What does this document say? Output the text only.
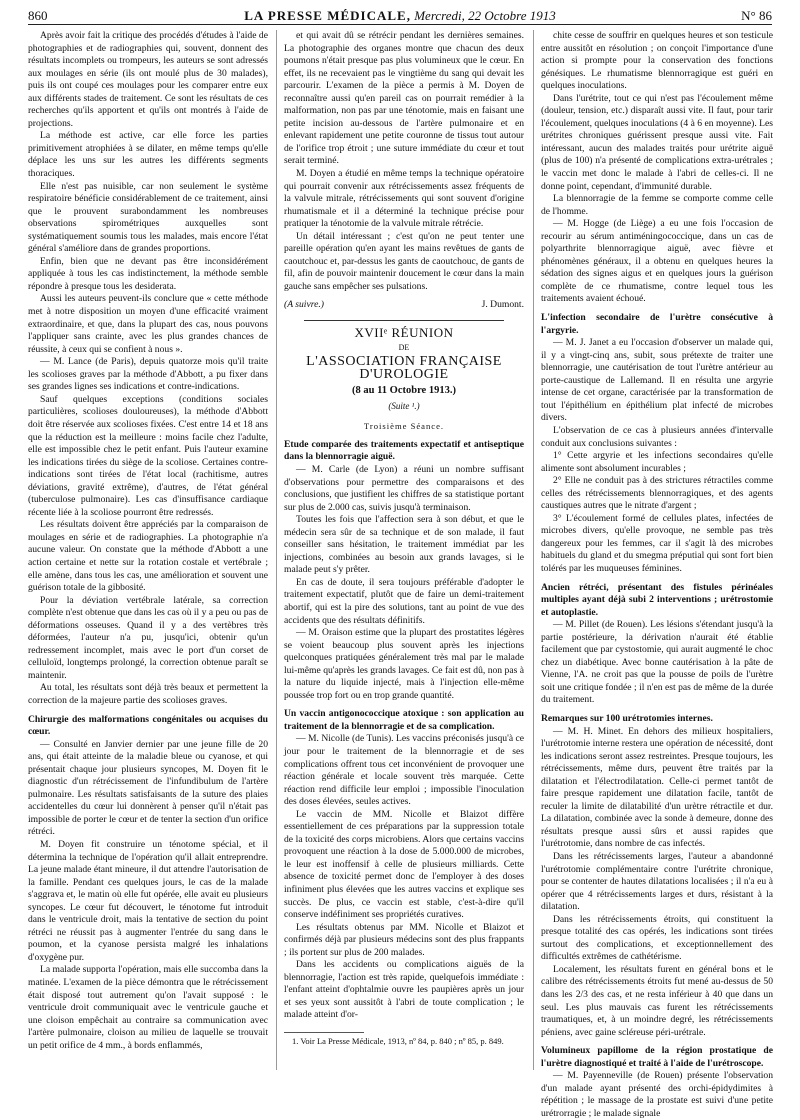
860	LA PRESSE MÉDICALE, Mercredi, 22 Octobre 1913	N° 86

Après avoir fait la critique des procédés d'études à l'aide de photographies et de radiographies qui, souvent, donnent des résultats incomplets ou trompeurs, les auteurs se sont adressés aux moulages en série (ils ont moulé plus de 30 malades), puis ils ont coupé ces moulages pour les comparer entre eux aux différents stades de traitement. Ce sont les résultats de ces recherches qu'ils apportent et qu'ils ont montrés à l'aide de projections.

La méthode est active, car elle force les parties primitivement atrophiées à se dilater, en même temps qu'elle déplace les uns sur les autres les différents segments thoraciques.

Elle n'est pas nuisible, car non seulement le système respiratoire bénéficie considérablement de ce traitement, ainsi que le prouvent surabondamment les nombreuses observations spirométriques auxquelles sont systématiquement soumis tous les malades, mais encore l'état général s'améliore dans de grandes proportions.

Enfin, bien que ne devant pas être inconsidérément appliquée à tous les cas indistinctement, la méthode semble répondre à presque tous les desiderata.

Aussi les auteurs peuvent-ils conclure que « cette méthode met à notre disposition un moyen d'une efficacité vraiment extraordinaire, et que, dans la plupart des cas, nous pouvons l'appliquer sans crainte, avec les plus grandes chances de réussite, à ceux qui se confient à nous ».

— M. Lance (de Paris), depuis quatorze mois qu'il traite les scolioses graves par la méthode d'Abbott, a pu fixer dans ses grandes lignes ses indications et contre-indications.

Sauf quelques exceptions (conditions sociales particulières, scolioses douloureuses), la méthode d'Abbott doit être réservée aux scolioses fixées. C'est entre 14 et 18 ans que la réduction est la meilleure : moins facile chez l'adulte, elle est impossible chez le petit enfant. Puis l'auteur examine les indications tirées du siège de la scoliose. Certaines contre-indications sont tirées de l'état local (rachitisme, autres déviations, gravité extrême), d'autres, de l'état général (tuberculose pulmonaire). Les cas d'insuffisance cardiaque récente liée à la scoliose pourront être redressés.

Les résultats doivent être appréciés par la comparaison de moulages en série et de radiographies. La photographie n'a aucune valeur. On constate que la méthode d'Abbott a une action certaine et nette sur la rotation costale et vertébrale ; elle amène, dans tous les cas, une amélioration et souvent une guérison totale de la gibbosité.

Pour la déviation vertébrale latérale, sa correction complète n'est obtenue que dans les cas où il y a peu ou pas de déformations osseuses. Quand il y a des vertèbres très déformées, l'auteur n'a pu, jusqu'ici, obtenir qu'un redressement incomplet, mais avec le port d'un corset de celluloïd, longtemps prolongé, la correction obtenue paraît se maintenir.

Au total, les résultats sont déjà très beaux et permettent la correction de la majeure partie des scolioses graves.

Chirurgie des malformations congénitales ou acquises du cœur.

— Consulté en Janvier dernier par une jeune fille de 20 ans, qui était atteinte de la maladie bleue ou cyanose, et qui présentait chaque jour plusieurs syncopes, M. Doyen fit le diagnostic d'un rétrécissement de l'infundibulum de l'artère pulmonaire. Les résultats satisfaisants de la suture des plaies accidentelles du cœur lui donnèrent à penser qu'il n'était pas impossible de porter le cœur et de tenter la section d'un orifice rétréci.

M. Doyen fit construire un ténotome spécial, et il détermina la technique de l'opération qu'il allait entreprendre. La jeune malade étant mineure, il dut attendre l'autorisation de la famille. Pendant ces quelques jours, le cas de la malade s'aggrava et, le matin où elle fut opérée, elle avait eu plusieurs syncopes. Le cœur fut découvert, le ténotome fut introduit dans le ventricule droit, mais la tentative de section du point rétréci ne réussit pas à augmenter l'entrée du sang dans le poumon, et la cyanose persista malgré les inhalations d'oxygène pur.

La malade supporta l'opération, mais elle succomba dans la matinée. L'examen de la pièce démontra que le rétrécissement était disposé tout autrement qu'on l'avait supposé : le ventricule droit communiquait avec le ventricule gauche et une cloison empêchait au contraire sa communication avec l'artère pulmonaire, cloison au milieu de laquelle se trouvait un petit orifice de 4 mm., à bords enflammés,

et qui avait dû se rétrécir pendant les dernières semaines. La photographie des organes montre que chacun des deux poumons n'était presque pas plus volumineux que le cœur. En effet, ils ne recevaient pas le vingtième du sang qui devait les parcourir. L'examen de la pièce a permis à M. Doyen de reconnaître aussi qu'en pareil cas on pourrait remédier à la malformation, non pas par une ténotomie, mais en faisant une petite incision au-dessous de l'artère pulmonaire et en enlevant rapidement une petite couronne de tissus tout autour de l'orifice trop étroit ; une suture immédiate du cœur et tout serait terminé.

M. Doyen a étudié en même temps la technique opératoire qui pourrait convenir aux rétrécissements assez fréquents de la valvule mitrale, rétrécissements qui sont souvent d'origine rhumatismale et il a déterminé la technique précise pour pratiquer la ténotomie de la valvule mitrale rétrécie.

Un détail intéressant ; c'est qu'on ne peut tenter une pareille opération qu'en ayant les mains revêtues de gants de caoutchouc et, par-dessus les gants de caoutchouc, de gants de fil, afin de pouvoir maintenir doucement le cœur dans la main gauche sans empêcher ses pulsations.

(A suivre.)	J. Dumont.

XVIIᵉ RÉUNION
DE
L'ASSOCIATION FRANÇAISE D'UROLOGIE
(8 au 11 Octobre 1913.)
(Suite ¹.)
Troisième Séance.

Etude comparée des traitements expectatif et antiseptique dans la blennorragie aiguë.

— M. Carle (de Lyon) a réuni un nombre suffisant d'observations pour permettre des comparaisons et des conclusions, que justifient les chiffres de sa statistique portant sur plus de 2.000 cas, suivis jusqu'à terminaison.

Toutes les fois que l'affection sera à son début, et que le médecin sera sûr de sa technique et de son malade, il faut conseiller sans hésitation, le traitement immédiat par les injections, combinées au besoin aux grands lavages, si le malade peut s'y prêter.

En cas de doute, il sera toujours préférable d'adopter le traitement expectatif, plutôt que de faire un demi-traitement abortif, qui est la pire des solutions, tant au point de vue des accidents que des résultats définitifs.

— M. Oraison estime que la plupart des prostatites légères se voient beaucoup plus souvent après les injections quelconques pratiquées généralement très mal par le malade lui-même qu'après les grands lavages. Ce fait est dû, non pas à la nature du liquide injecté, mais à l'injection elle-même poussée trop fort ou en trop grande quantité.

Un vaccin antigonococcique atoxique : son application au traitement de la blennorragie et de sa complication.

— M. Nicolle (de Tunis). Les vaccins préconisés jusqu'à ce jour pour le traitement de la blennorragie et de ses complications offrent tous cet inconvénient de provoquer une réaction générale et locale souvent très marquée. Cette réaction rend difficile leur emploi ; impossible l'inoculation des doses élevées, seules actives.

Le vaccin de MM. Nicolle et Blaizot diffère essentiellement de ces préparations par la suppression totale de la toxicité des corps microbiens. Alors que certains vaccins provoquent une réaction à la dose de 5.000.000 de microbes, le leur est inoffensif à celle de plusieurs milliards. Cette absence de toxicité permet donc de l'employer à des doses infiniment plus élevées que les autres vaccins et explique ses succès. De plus, ce vaccin est stable, c'est-à-dire qu'il conserve indéfiniment ses propriétés curatives.

Les résultats obtenus par MM. Nicolle et Blaizot et confirmés déjà par plusieurs médecins sont des plus frappants ; ils portent sur plus de 200 malades.

Dans les accidents ou complications aiguës de la blennorragie, l'action est très rapide, quelquefois immédiate : l'enfant atteint d'ophtalmie ouvre les paupières après un jour et ses yeux sont aussitôt à l'abri de toute complication ; le malade atteint d'or-

1. Voir La Presse Médicale, 1913, nº 84, p. 840 ; nº 85, p. 849.

chite cesse de souffrir en quelques heures et son testicule entre aussitôt en résolution ; on conçoit l'importance d'une action si prompte pour la conservation des fonctions génésiques. Le rhumatisme blennorragique est guéri en quelques inoculations.

Dans l'urétrite, tout ce qui n'est pas l'écoulement même (douleur, tension, etc.) disparaît aussi vite. Il faut, pour tarir l'écoulement, quelques inoculations (4 à 6 en moyenne). Les urétrites chroniques guérissent presque aussi vite. Fait intéressant, aucun des malades traités pour urétrite aiguë (plus de 100) n'a présenté de complications extra-urétrales ; le vaccin met donc le malade à l'abri de celles-ci. Il ne donne point, cependant, d'immunité durable.

La blennorragie de la femme se comporte comme celle de l'homme.

— M. Hogge (de Liège) a eu une fois l'occasion de recourir au sérum antiméningococcique, dans un cas de polyarthrite blennorragique aiguë, avec fièvre et phénomènes généraux, il a obtenu en quelques heures la sédation des signes aigus et en quelques jours la guérison complète de ce rhumatisme, contre lequel tous les traitements avaient échoué.

L'infection secondaire de l'urètre consécutive à l'argyrie.

— M. J. Janet a eu l'occasion d'observer un malade qui, il y a vingt-cinq ans, subit, sous prétexte de traiter une blennorragie, une cautérisation de tout l'urètre antérieur au porte-caustique de Lallemand. Il en résulta une argyrie intense de cet organe, caractérisée par la transformation de tout l'épithélium en épithélium plat infecté de microbes divers.

L'observation de ce cas à plusieurs années d'intervalle conduit aux conclusions suivantes :

1° Cette argyrie et les infections secondaires qu'elle alimente sont absolument incurables ;

2° Elle ne conduit pas à des strictures rétractiles comme celles des rétrécissements blennorragiques, et des agents caustiques autres que le nitrate d'argent ;

3° L'écoulement formé de cellules plates, infectées de microbes divers, qu'elle provoque, ne semble pas très dangereux pour les femmes, car il s'agit là des microbes habituels du gland et du smegma préputial qui sont fort bien tolérés par les muqueuses féminines.

Ancien rétréci, présentant des fistules périnéales multiples ayant déjà subi 2 interventions ; urétrostomie et autoplastie.

— M. Pillet (de Rouen). Les lésions s'étendant jusqu'à la partie postérieure, la dérivation n'aurait été établie facilement que par cystostomie, qui aurait augmenté le choc chez un diabétique. Avec bonne cautérisation à la pâte de Vienne, l'A. ne croit pas que la pousse de poils de l'urètre soit une critique fondée ; il n'en est pas de même de la durée du traitement.

Remarques sur 100 urétrotomies internes.

— M. H. Minet. En dehors des milieux hospitaliers, l'urétrotomie interne restera une opération de nécessité, dont les indications seront assez restreintes. Presque toujours, les rétrécissements, même durs, peuvent être traités par la dilatation et l'électrodilatation. Celle-ci permet tantôt de faire presque rapidement une dilatation facile, tantôt de reculer la limite de dilatabilité d'un urètre rétractile et dur. La dilatation, combinée avec la sonde à demeure, donne des résultats presque aussi sûrs et aussi rapides que l'urétrotomie, dans nombre de cas infectés.

Dans les rétrécissements larges, l'auteur a abandonné l'urétrotomie complémentaire contre l'urétrite chronique, pour se contenter de hautes dilatations localisées ; il n'a eu à opérer que 4 rétrécissements larges et durs, résistant à la dilatation.

Dans les rétrécissements étroits, qui constituent la presque totalité des cas opérés, les indications sont tirées surtout des complications, et exceptionnellement des difficultés extrêmes de cathétérisme.

Localement, les résultats furent en général bons et le calibre des rétrécissements étroits fut mené au-dessus de 50 dans les 2/3 des cas, et ne resta inférieur à 40 que dans un seul. Les plus mauvais cas furent les rétrécissements traumatiques, et, à un moindre degré, les rétrécissements péniens, avec gaine scléreuse péri-urétrale.

Volumineux papillome de la région prostatique de l'urètre diagnostiqué et traité à l'aide de l'urétroscope.

— M. Payenneville (de Rouen) présente l'observation d'un malade ayant présenté des orchi-épidydimites à répétition ; le massage de la prostate est suivi d'une petite urétrorragie ; le malade signale
